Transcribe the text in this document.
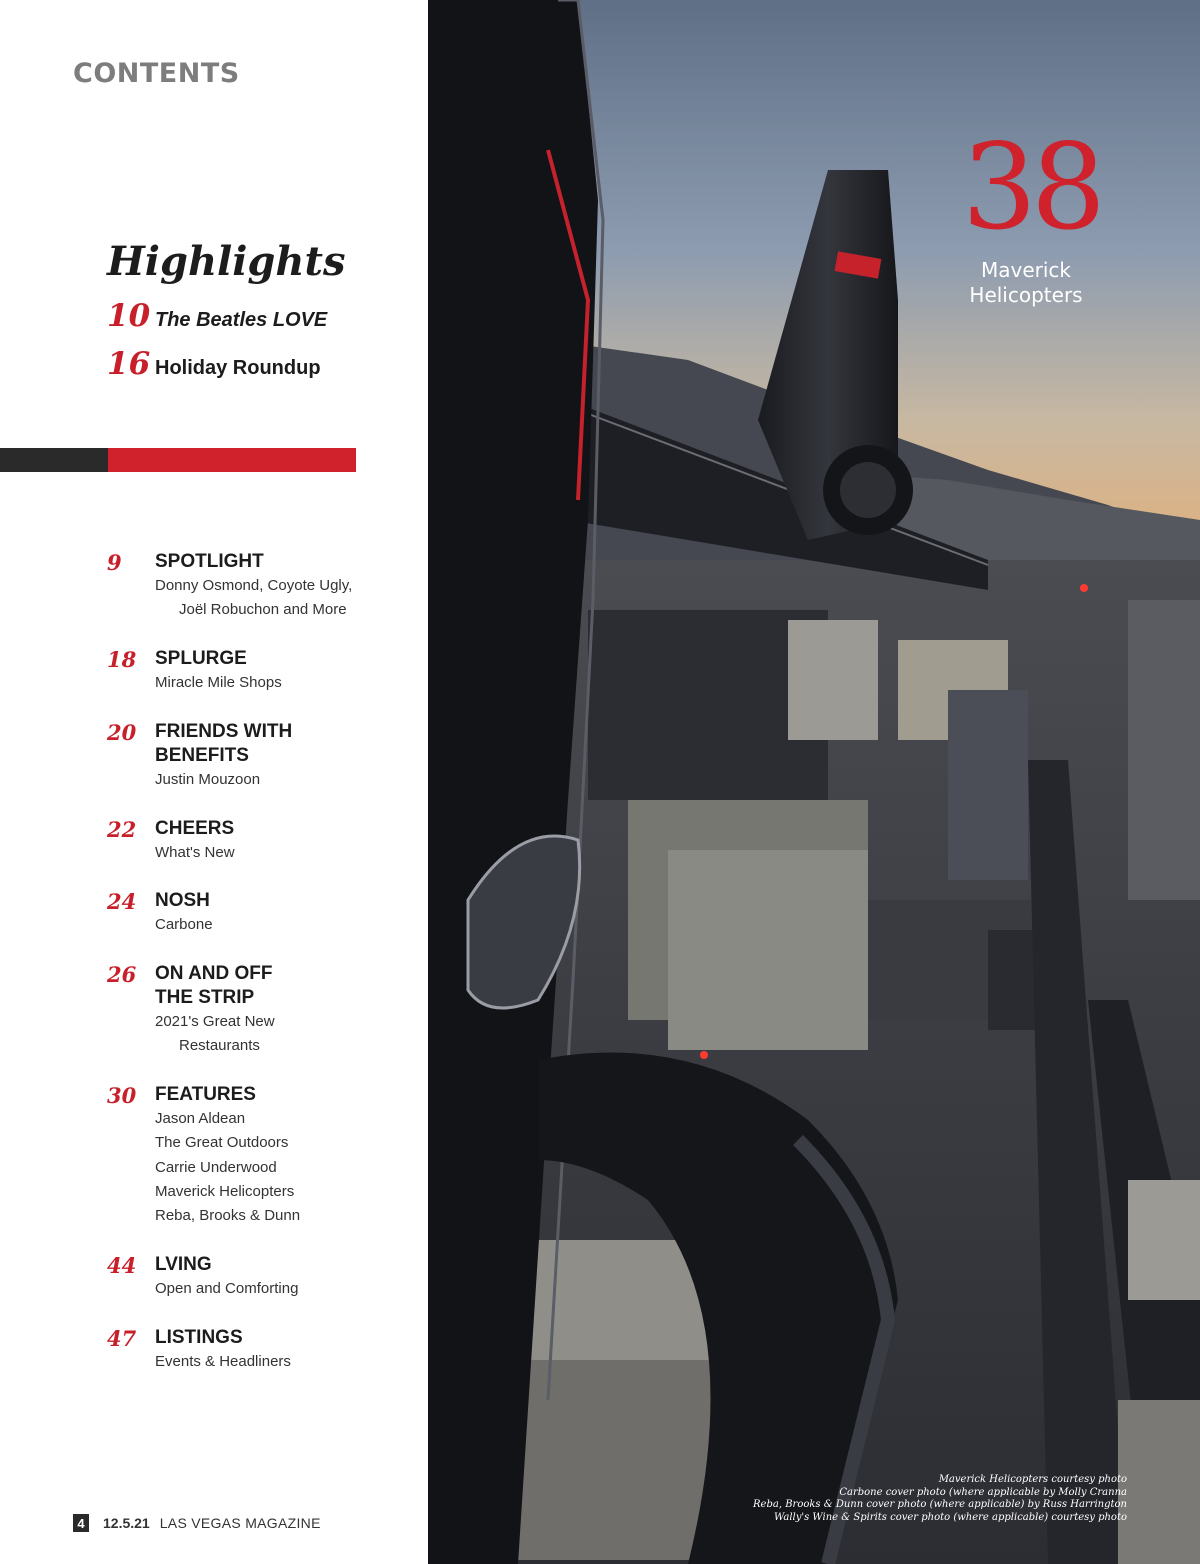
CONTENTS
Highlights
10 The Beatles LOVE
16 Holiday Roundup
9 SPOTLIGHT
Donny Osmond, Coyote Ugly,
Joël Robuchon and More
18 SPLURGE
Miracle Mile Shops
20 FRIENDS WITH BENEFITS
Justin Mouzoon
22 CHEERS
What's New
24 NOSH
Carbone
26 ON AND OFF THE STRIP
2021's Great New
Restaurants
30 FEATURES
Jason Aldean
The Great Outdoors
Carrie Underwood
Maverick Helicopters
Reba, Brooks & Dunn
44 LVING
Open and Comforting
47 LISTINGS
Events & Headliners
4	12.5.21 LAS VEGAS MAGAZINE
38
Maverick
Helicopters
Maverick Helicopters courtesy photo
Carbone cover photo (where applicable by Molly Cranna
Reba, Brooks & Dunn cover photo (where applicable) by Russ Harrington
Wally's Wine & Spirits cover photo (where applicable) courtesy photo
